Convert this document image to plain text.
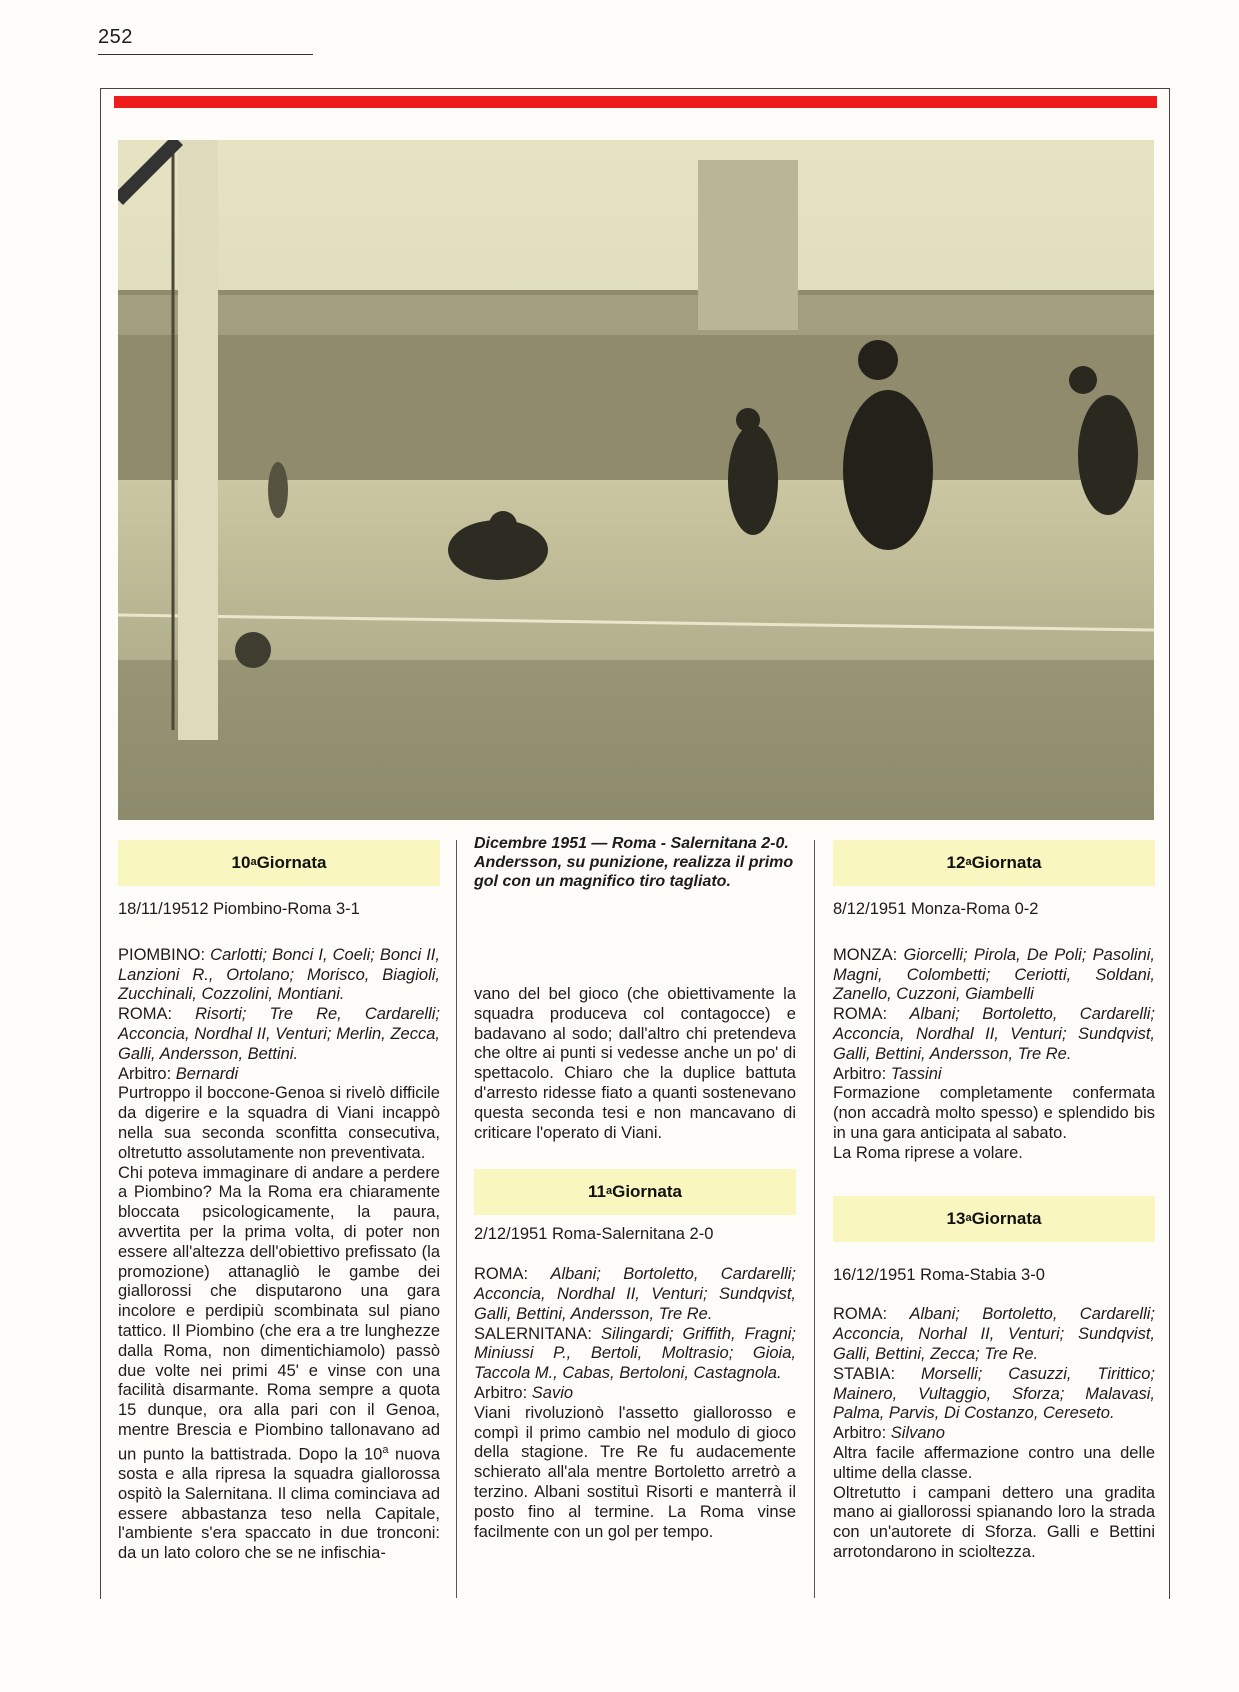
252
10 a Giornata

18/11/19512 Piombino-Roma 3-1

PIOMBINO: Carlotti; Bonci I, Coeli; Bonci II, Lanzioni R., Ortolano; Morisco, Biagioli, Zucchinali, Cozzolini, Montiani.

ROMA: Risorti; Tre Re, Cardarelli; Acconcia, Nordhal II, Venturi; Merlin, Zecca, Galli, Andersson, Bettini.

Arbitro: Bernardi

Purtroppo il boccone-Genoa si rivelò difficile da digerire e la squadra di Viani incappò nella sua seconda sconfitta consecutiva, oltretutto assolutamente non preventivata.

Chi poteva immaginare di andare a perdere a Piombino? Ma la Roma era chiaramente bloccata psicologicamente, la paura, avvertita per la prima volta, di poter non essere all'altezza dell'obiettivo prefissato (la promozione) attanagliò le gambe dei giallorossi che disputarono una gara incolore e perdipiù scombinata sul piano tattico. Il Piombino (che era a tre lunghezze dalla Roma, non dimentichiamolo) passò due volte nei primi 45' e vinse con una facilità disarmante. Roma sempre a quota 15 dunque, ora alla pari con il Genoa, mentre Brescia e Piombino tallonavano ad un punto la battistrada. Dopo la 10$^a$ nuova sosta e alla ripresa la squadra giallorossa ospitò la Salernitana. Il clima cominciava ad essere abbastanza teso nella Capitale, l'ambiente s'era spaccato in due tronconi: da un lato coloro che se ne infischia-

Dicembre 1951 — Roma - Salernitana 2-0. Andersson, su punizione, realizza il primo gol con un magnifico tiro tagliato.

vano del bel gioco (che obiettivamente la squadra produceva col contagocce) e badavano al sodo; dall'altro chi pretendeva che oltre ai punti si vedesse anche un po' di spettacolo. Chiaro che la duplice battuta d'arresto ridesse fiato a quanti sostenevano questa seconda tesi e non mancavano di criticare l'operato di Viani.

11 a Giornata

2/12/1951 Roma-Salernitana 2-0

ROMA: Albani; Bortoletto, Cardarelli; Acconcia, Nordhal II, Venturi; Sundqvist, Galli, Bettini, Andersson, Tre Re.

SALERNITANA: Silingardi; Griffith, Fragni; Miniussi P., Bertoli, Moltrasio; Gioia, Taccola M., Cabas, Bertoloni, Castagnola.

Arbitro: Savio

Viani rivoluzionò l'assetto giallorosso e compì il primo cambio nel modulo di gioco della stagione. Tre Re fu audacemente schierato all'ala mentre Bortoletto arretrò a terzino. Albani sostituì Risorti e manterrà il posto fino al termine. La Roma vinse facilmente con un gol per tempo.

12 a Giornata

8/12/1951 Monza-Roma 0-2

MONZA: Giorcelli; Pirola, De Poli; Pasolini, Magni, Colombetti; Ceriotti, Soldani, Zanello, Cuzzoni, Giambelli

ROMA: Albani; Bortoletto, Cardarelli; Acconcia, Nordhal II, Venturi; Sundqvist, Galli, Bettini, Andersson, Tre Re.

Arbitro: Tassini

Formazione completamente confermata (non accadrà molto spesso) e splendido bis in una gara anticipata al sabato.

La Roma riprese a volare.

13 a Giornata

16/12/1951 Roma-Stabia 3-0

ROMA: Albani; Bortoletto, Cardarelli; Acconcia, Norhal II, Venturi; Sundqvist, Galli, Bettini, Zecca; Tre Re.

STABIA: Morselli; Casuzzi, Tirittico; Mainero, Vultaggio, Sforza; Malavasi, Palma, Parvis, Di Costanzo, Cereseto.

Arbitro: Silvano

Altra facile affermazione contro una delle ultime della classe.

Oltretutto i campani dettero una gradita mano ai giallorossi spianando loro la strada con un'autorete di Sforza. Galli e Bettini arrotondarono in scioltezza.
